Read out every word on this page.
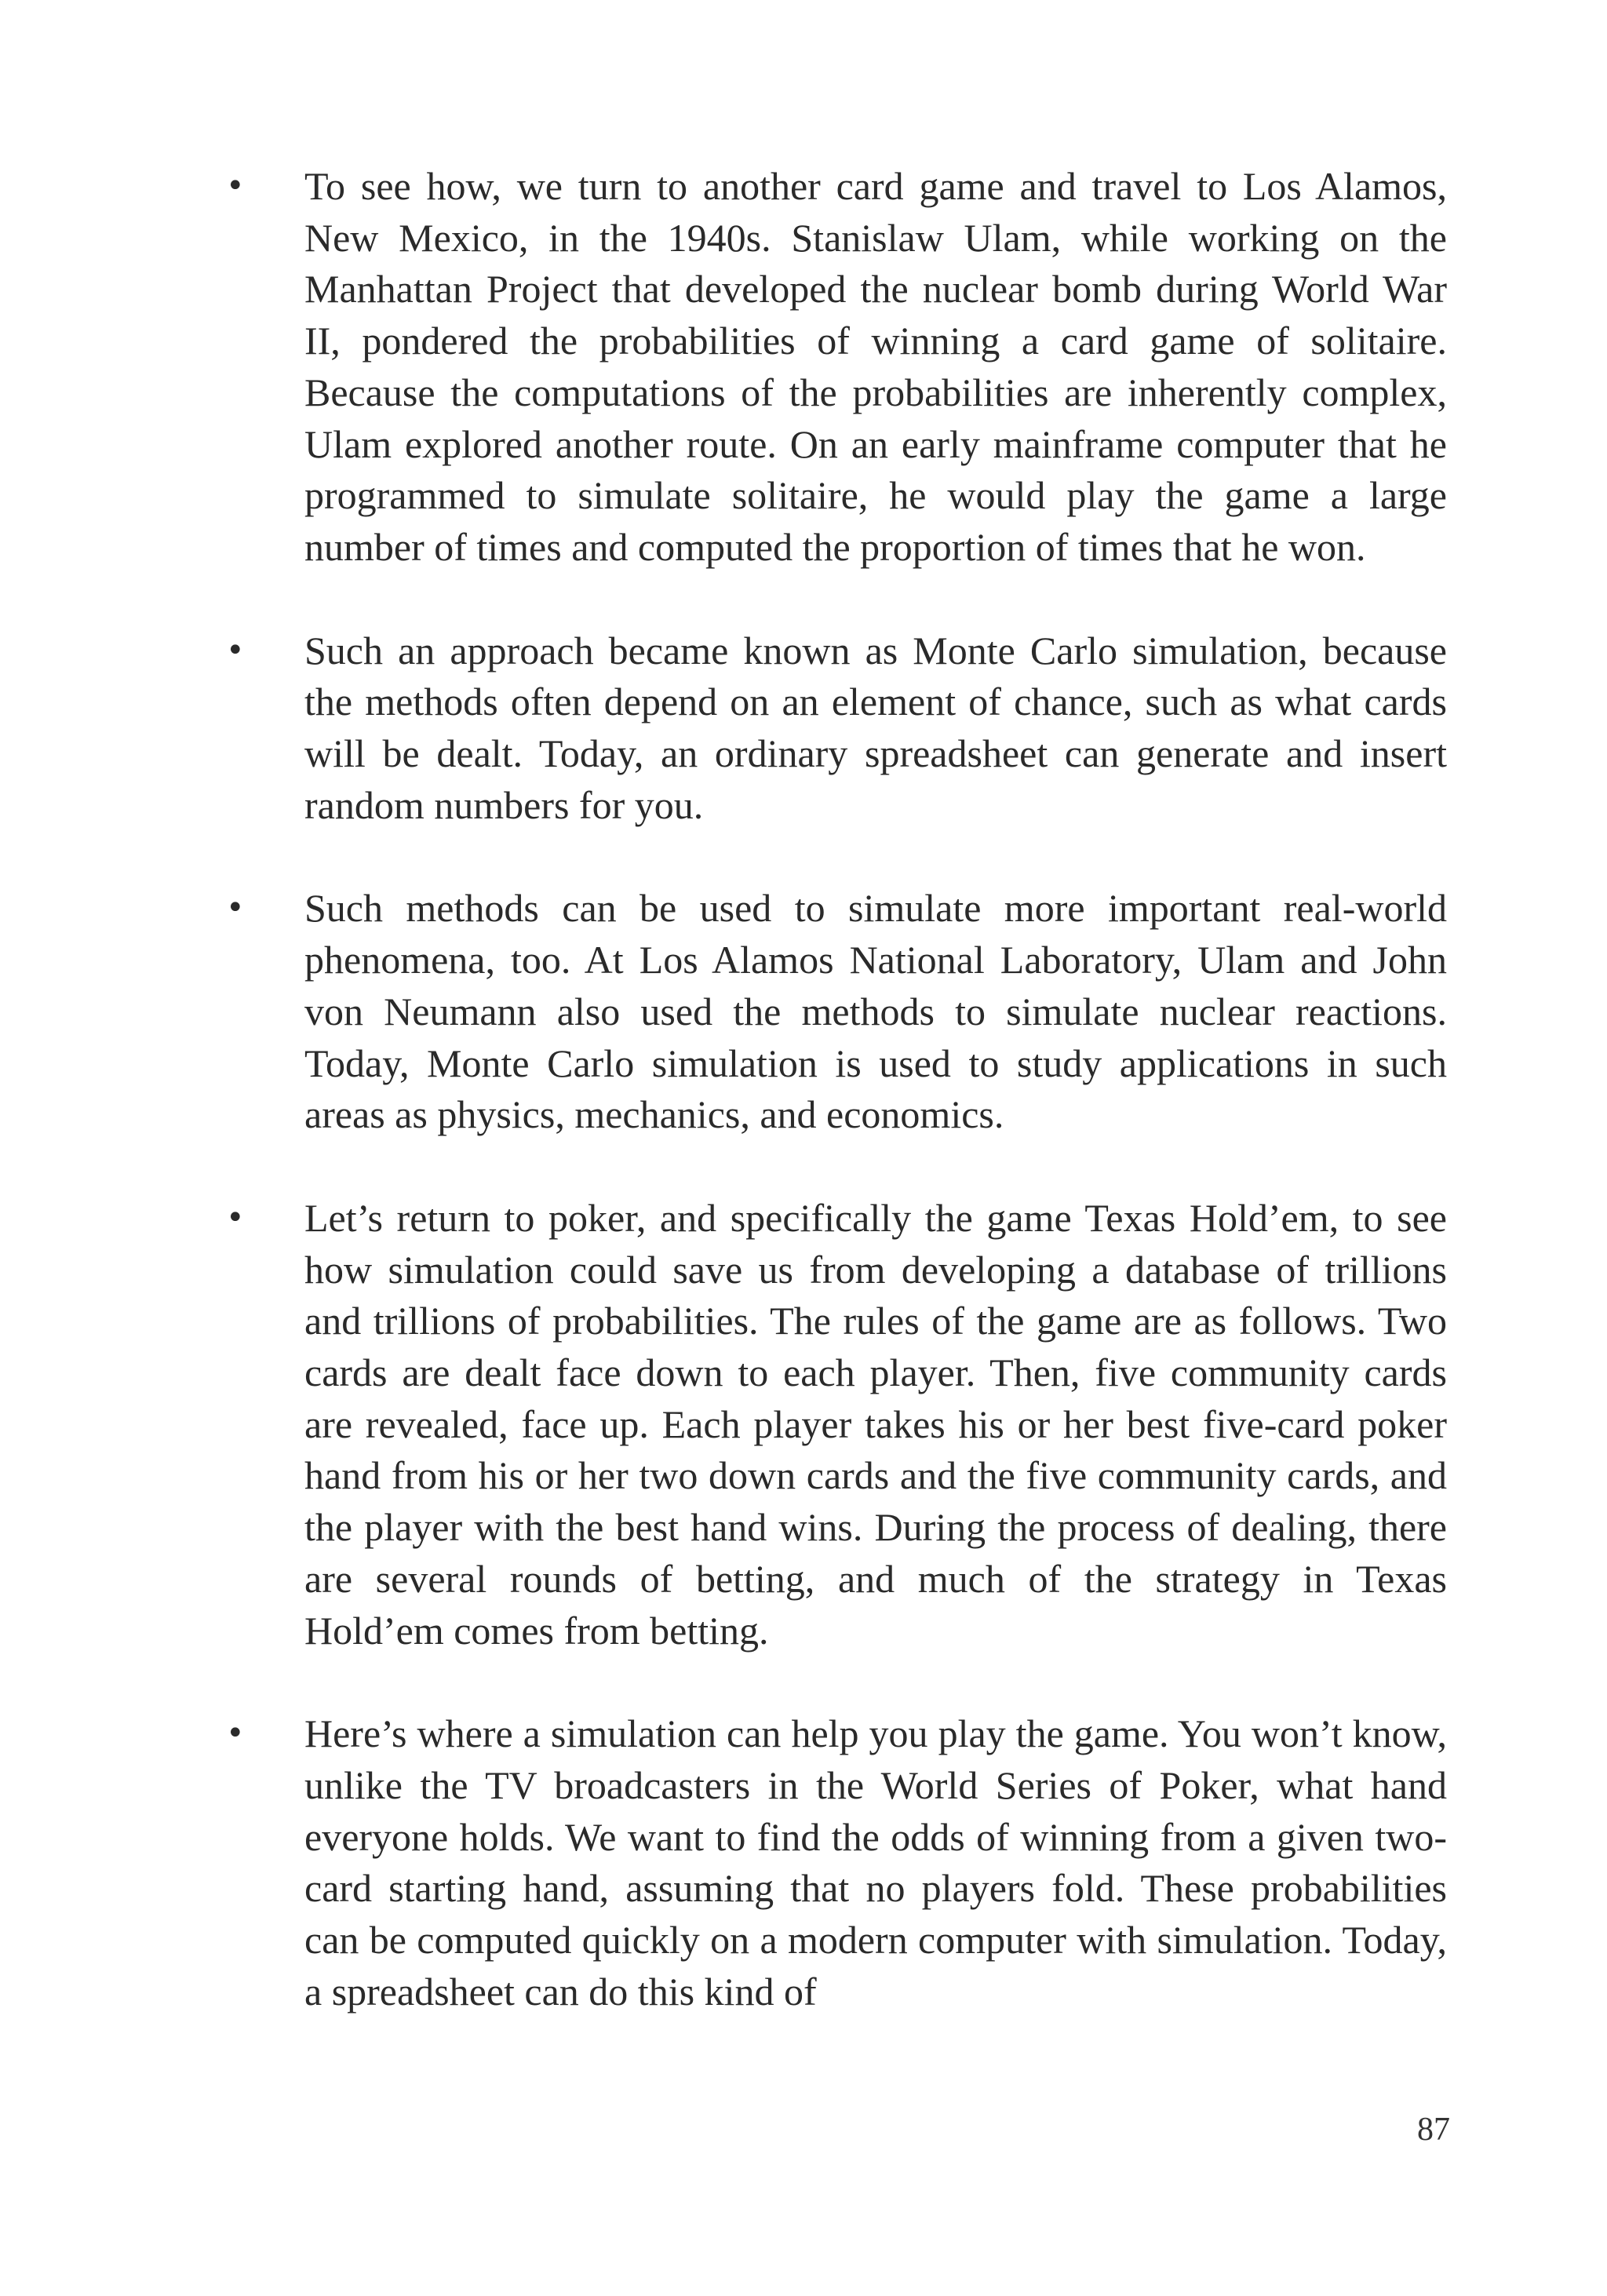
•	To see how, we turn to another card game and travel to Los Alamos, New Mexico, in the 1940s. Stanislaw Ulam, while working on the Manhattan Project that developed the nuclear bomb during World War II, pondered the probabilities of winning a card game of solitaire. Because the computations of the probabilities are inherently complex, Ulam explored another route. On an early mainframe computer that he programmed to simulate solitaire, he would play the game a large number of times and computed the proportion of times that he won.
•	Such an approach became known as Monte Carlo simulation, because the methods often depend on an element of chance, such as what cards will be dealt. Today, an ordinary spreadsheet can generate and insert random numbers for you.
•	Such methods can be used to simulate more important real-world phenomena, too. At Los Alamos National Laboratory, Ulam and John von Neumann also used the methods to simulate nuclear reactions. Today, Monte Carlo simulation is used to study applications in such areas as physics, mechanics, and economics.
•	Let’s return to poker, and specifically the game Texas Hold’em, to see how simulation could save us from developing a database of trillions and trillions of probabilities. The rules of the game are as follows. Two cards are dealt face down to each player. Then, five community cards are revealed, face up. Each player takes his or her best five-card poker hand from his or her two down cards and the five community cards, and the player with the best hand wins. During the process of dealing, there are several rounds of betting, and much of the strategy in Texas Hold’em comes from betting.
•	Here’s where a simulation can help you play the game. You won’t know, unlike the TV broadcasters in the World Series of Poker, what hand everyone holds. We want to find the odds of winning from a given two-card starting hand, assuming that no players fold. These probabilities can be computed quickly on a modern computer with simulation. Today, a spreadsheet can do this kind of
87
